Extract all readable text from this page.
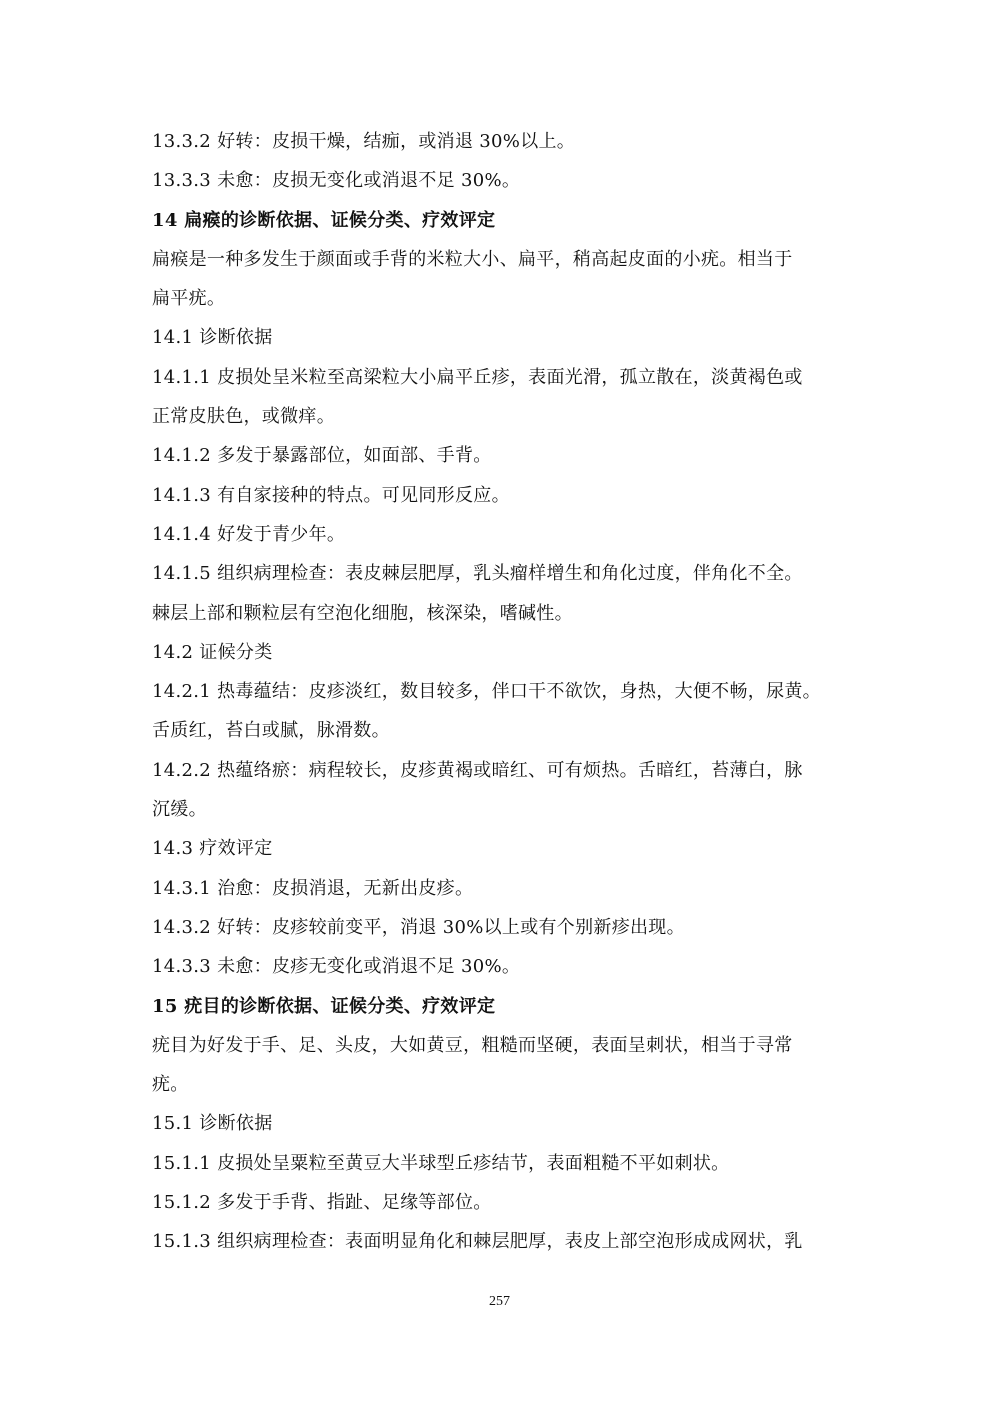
13.3.2 好转：皮损干燥，结痂，或消退 30%以上。
13.3.3 未愈：皮损无变化或消退不足 30%。
14 扁瘊的诊断依据、证候分类、疗效评定
扁瘊是一种多发生于颜面或手背的米粒大小、扁平，稍高起皮面的小疣。相当于
扁平疣。
14.1 诊断依据
14.1.1 皮损处呈米粒至高梁粒大小扁平丘疹，表面光滑，孤立散在，淡黄褐色或
正常皮肤色，或微痒。
14.1.2 多发于暴露部位，如面部、手背。
14.1.3 有自家接种的特点。可见同形反应。
14.1.4 好发于青少年。
14.1.5 组织病理检查：表皮棘层肥厚，乳头瘤样增生和角化过度，伴角化不全。
棘层上部和颗粒层有空泡化细胞，核深染，嗜碱性。
14.2 证候分类
14.2.1 热毒蕴结：皮疹淡红，数目较多，伴口干不欲饮，身热，大便不畅，尿黄。
舌质红，苔白或腻，脉滑数。
14.2.2 热蕴络瘀：病程较长，皮疹黄褐或暗红、可有烦热。舌暗红，苔薄白，脉
沉缓。
14.3 疗效评定
14.3.1 治愈：皮损消退，无新出皮疹。
14.3.2 好转：皮疹较前变平，消退 30%以上或有个别新疹出现。
14.3.3 未愈：皮疹无变化或消退不足 30%。
15 疣目的诊断依据、证候分类、疗效评定
疣目为好发于手、足、头皮，大如黄豆，粗糙而坚硬，表面呈刺状，相当于寻常
疣。
15.1 诊断依据
15.1.1 皮损处呈粟粒至黄豆大半球型丘疹结节，表面粗糙不平如刺状。
15.1.2 多发于手背、指趾、足缘等部位。
15.1.3 组织病理检查：表面明显角化和棘层肥厚，表皮上部空泡形成成网状，乳
257
